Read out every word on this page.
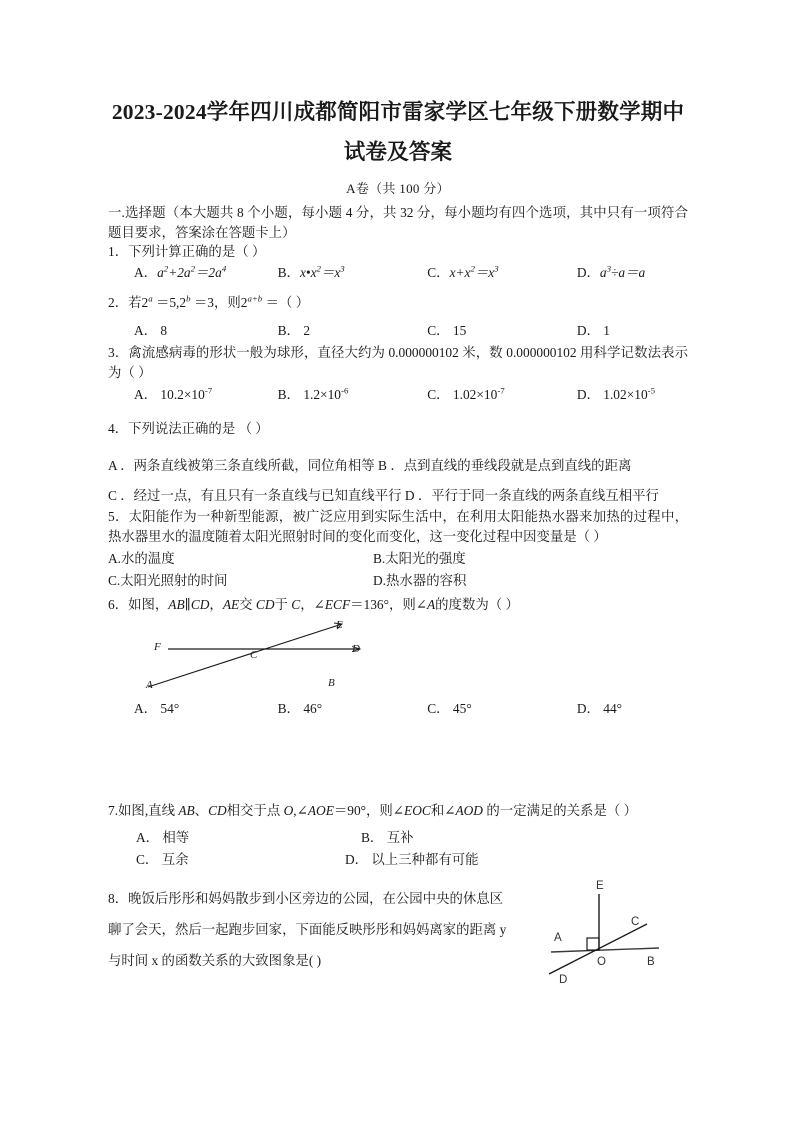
2023-2024学年四川成都简阳市雷家学区七年级下册数学期中试卷及答案
A卷（共 100 分）

一.选择题（本大题共 8 个小题，每小题 4 分，共 32 分，每小题均有四个选项，其中只有一项符合题目要求，答案涂在答题卡上）

1．下列计算正确的是（ ）

A．$a^2+2a^2=2a^4$	B．$x•x^2=x^3$	C．$x+x^2=x^3$	D．$a^3\div a=a$

2．若$2^a =5,2^b =3$，则$2^{a+b}$ ＝（ ）

A． 8	B． 2	C． 15	D． 1

3．禽流感病毒的形状一般为球形，直径大约为 0.000000102 米，数 0.000000102 用科学记数法表示为（ ）

A． $10.2\times 10^{-7}$	B． $1.2\times 10^{-6}$	C． $1.02\times 10^{-7}$	D． $1.02\times 10^{-5}$

4．下列说法正确的是 （ ）

A ．两条直线被第三条直线所截，同位角相等 B ．点到直线的垂线段就是点到直线的距离

C ．经过一点，有且只有一条直线与已知直线平行 D ．平行于同一条直线的两条直线互相平行

5．太阳能作为一种新型能源，被广泛应用到实际生活中，在利用太阳能热水器来加热的过程中，热水器里水的温度随着太阳光照射时间的变化而变化，这一变化过程中因变量是（ ）

A.水的温度	B.太阳光的强度
C.太阳光照射的时间	D.热水器的容积

6．如图，AB∥CD，AE交 CD于 C，∠ECF＝136°，则∠A的度数为（ ）

F
A
C	D
E
B
A． 54°	B． 46°	C． 45°	D． 44°

7.如图,直线 AB、CD相交于点 O,∠AOE＝90°，则∠EOC和∠AOD 的一定满足的关系是（ ）

A． 相等	B． 互补
C． 互余	D． 以上三种都有可能

8．晚饭后彤彤和妈妈散步到小区旁边的公园，在公园中央的休息区

聊了会天，然后一起跑步回家，下面能反映彤彤和妈妈离家的距离 y

与时间 x 的函数关系的大致图象是( )

E
A
C
O	B
D
